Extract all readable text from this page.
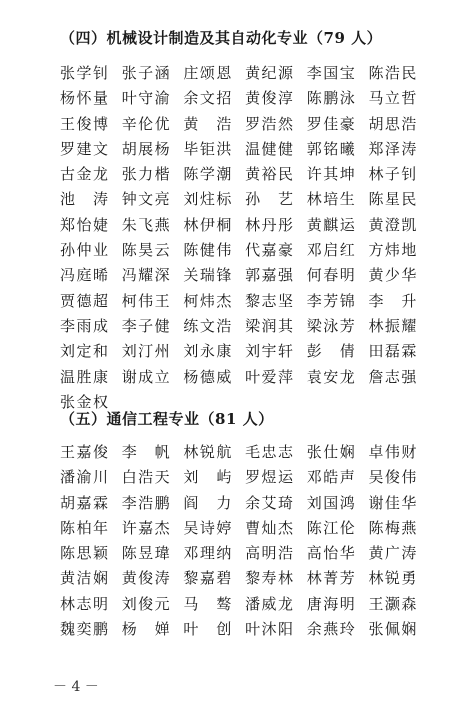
（四）机械设计制造及其自动化专业（79 人）
张 学 钊 张 子 涵 庄 颂 恩 黄 纪 源 李 国 宝 陈 浩 民
杨 怀 量 叶 守 渝 余 文 招 黄 俊 淳 陈 鹏 泳 马 立 哲
王 俊 博 辛 伦 优 黄 浩 罗 浩 然 罗 佳 豪 胡 思 浩
罗 建 文 胡 展 杨 毕 钜 洪 温 健 健 郭 铭 曦 郑 泽 涛
古 金 龙 张 力 楷 陈 学 潮 黄 裕 民 许 其 坤 林 子 钊
池 涛 钟 文 亮 刘 炷 标 孙 艺 林 培 生 陈 星 民
郑 怡 婕 朱 飞 燕 林 伊 桐 林 丹 彤 黄 麒 运 黄 澄 凯
孙 仲 业 陈 昊 云 陈 健 伟 代 嘉 豪 邓 启 红 方 炜 地
冯 庭 晞 冯 耀 深 关 瑞 锋 郭 嘉 强 何 春 明 黄 少 华
贾 德 超 柯 伟 王 柯 炜 杰 黎 志 坚 李 芳 锦 李 升
李 雨 成 李 子 健 练 文 浩 梁 润 其 梁 泳 芳 林 振 耀
刘 定 和 刘 汀 州 刘 永 康 刘 宇 轩 彭 倩 田 磊 霖
温 胜 康 谢 成 立 杨 德 威 叶 爱 萍 袁 安 龙 詹 志 强
张 金 权
（五）通信工程专业（81 人）
王 嘉 俊 李 帆 林 锐 航 毛 忠 志 张 仕 娴 卓 伟 财
潘 渝 川 白 浩 天 刘 屿 罗 煜 运 邓 皓 声 吴 俊 伟
胡 嘉 霖 李 浩 鹏 阎 力 余 艾 琦 刘 国 鸿 谢 佳 华
陈 柏 年 许 嘉 杰 吴 诗 婷 曹 灿 杰 陈 江 伦 陈 梅 燕
陈 思 颖 陈 昱 瑋 邓 理 纳 高 明 浩 高 怡 华 黄 广 涛
黄 洁 娴 黄 俊 涛 黎 嘉 碧 黎 寿 林 林 菁 芳 林 锐 勇
林 志 明 刘 俊 元 马 骜 潘 威 龙 唐 海 明 王 灏 森
魏 奕 鹏 杨 婵 叶 创 叶 沐 阳 余 燕 玲 张 佩 娴
－ 4 －
